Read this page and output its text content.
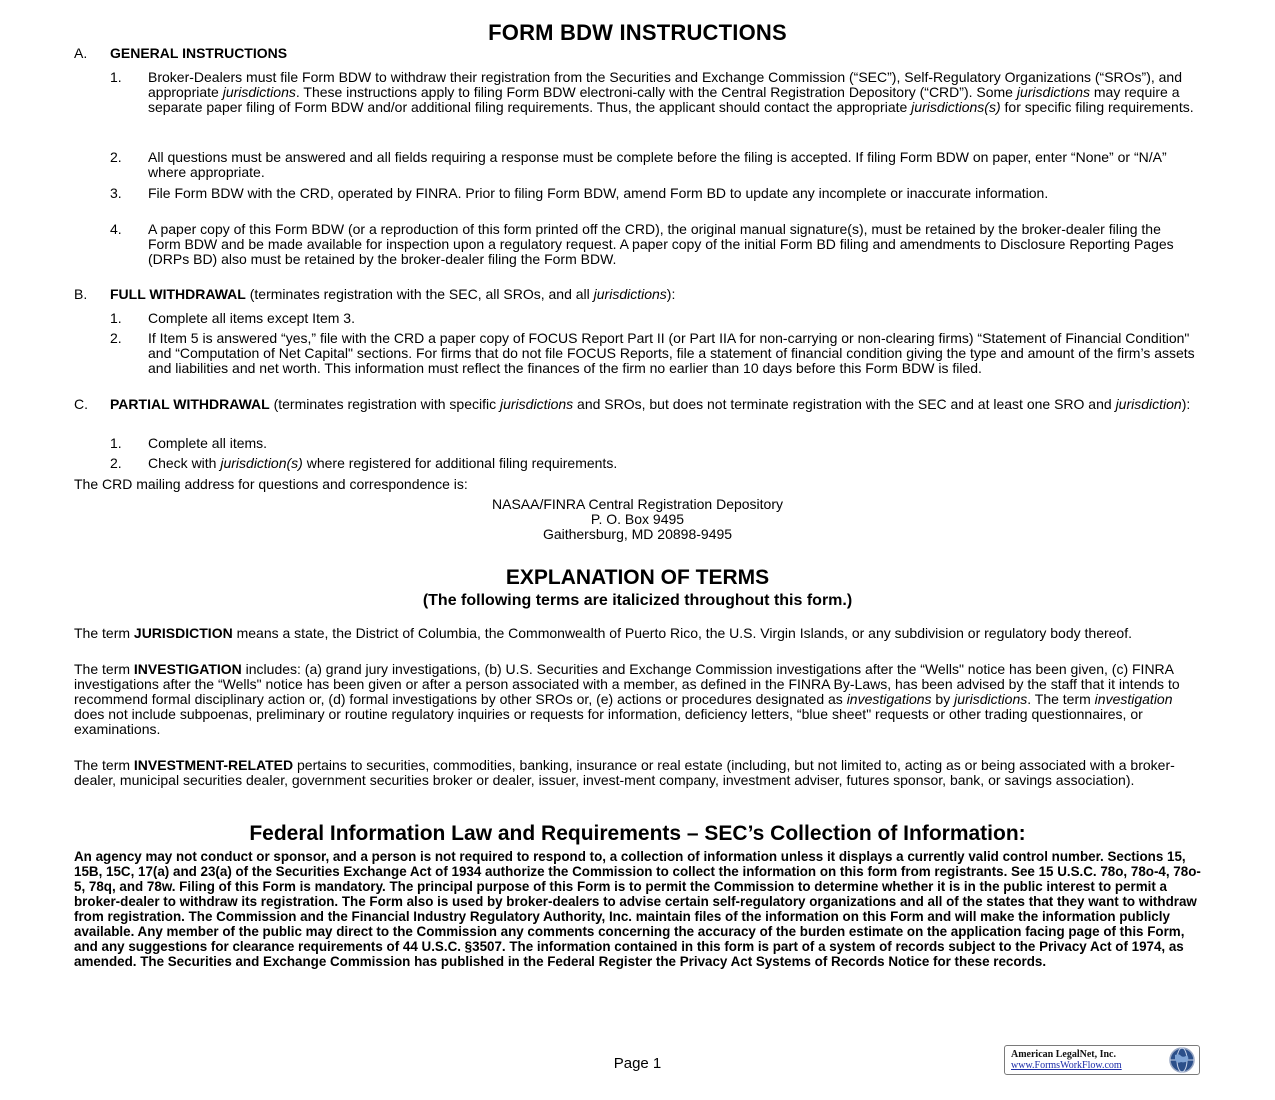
FORM BDW INSTRUCTIONS
A. GENERAL INSTRUCTIONS
1. Broker-Dealers must file Form BDW to withdraw their registration from the Securities and Exchange Commission (“SEC”), Self-Regulatory Organizations (“SROs”), and appropriate jurisdictions. These instructions apply to filing Form BDW electroni-cally with the Central Registration Depository (“CRD”). Some jurisdictions may require a separate paper filing of Form BDW and/or additional filing requirements. Thus, the applicant should contact the appropriate jurisdictions(s) for specific filing requirements.
2. All questions must be answered and all fields requiring a response must be complete before the filing is accepted. If filing Form BDW on paper, enter “None” or “N/A” where appropriate.
3. File Form BDW with the CRD, operated by FINRA. Prior to filing Form BDW, amend Form BD to update any incomplete or inaccurate information.
4. A paper copy of this Form BDW (or a reproduction of this form printed off the CRD), the original manual signature(s), must be retained by the broker-dealer filing the Form BDW and be made available for inspection upon a regulatory request. A paper copy of the initial Form BD filing and amendments to Disclosure Reporting Pages (DRPs BD) also must be retained by the broker-dealer filing the Form BDW.
B. FULL WITHDRAWAL (terminates registration with the SEC, all SROs, and all jurisdictions):
1. Complete all items except Item 3.
2. If Item 5 is answered “yes,” file with the CRD a paper copy of FOCUS Report Part II (or Part IIA for non-carrying or non-clearing firms) “Statement of Financial Condition" and “Computation of Net Capital" sections. For firms that do not file FOCUS Reports, file a statement of financial condition giving the type and amount of the firm’s assets and liabilities and net worth. This information must reflect the finances of the firm no earlier than 10 days before this Form BDW is filed.
C. PARTIAL WITHDRAWAL (terminates registration with specific jurisdictions and SROs, but does not terminate registration with the SEC and at least one SRO and jurisdiction):
1. Complete all items.
2. Check with jurisdiction(s) where registered for additional filing requirements.
The CRD mailing address for questions and correspondence is:
NASAA/FINRA Central Registration Depository
P. O. Box 9495
Gaithersburg, MD 20898-9495
EXPLANATION OF TERMS
(The following terms are italicized throughout this form.)
The term JURISDICTION means a state, the District of Columbia, the Commonwealth of Puerto Rico, the U.S. Virgin Islands, or any subdivision or regulatory body thereof.
The term INVESTIGATION includes: (a) grand jury investigations, (b) U.S. Securities and Exchange Commission investigations after the “Wells" notice has been given, (c) FINRA investigations after the “Wells" notice has been given or after a person associated with a member, as defined in the FINRA By-Laws, has been advised by the staff that it intends to recommend formal disciplinary action or, (d) formal investigations by other SROs or, (e) actions or procedures designated as investigations by jurisdictions. The term investigation does not include subpoenas, preliminary or routine regulatory inquiries or requests for information, deficiency letters, “blue sheet" requests or other trading questionnaires, or examinations.
The term INVESTMENT-RELATED pertains to securities, commodities, banking, insurance or real estate (including, but not limited to, acting as or being associated with a broker-dealer, municipal securities dealer, government securities broker or dealer, issuer, invest-ment company, investment adviser, futures sponsor, bank, or savings association).
Federal Information Law and Requirements – SEC’s Collection of Information:
An agency may not conduct or sponsor, and a person is not required to respond to, a collection of information unless it displays a currently valid control number. Sections 15, 15B, 15C, 17(a) and 23(a) of the Securities Exchange Act of 1934 authorize the Commission to collect the information on this form from registrants. See 15 U.S.C. 78o, 78o-4, 78o-5, 78q, and 78w. Filing of this Form is mandatory. The principal purpose of this Form is to permit the Commission to determine whether it is in the public interest to permit a broker-dealer to withdraw its registration. The Form also is used by broker-dealers to advise certain self-regulatory organizations and all of the states that they want to withdraw from registration. The Commission and the Financial Industry Regulatory Authority, Inc. maintain files of the information on this Form and will make the information publicly available. Any member of the public may direct to the Commission any comments concerning the accuracy of the burden estimate on the application facing page of this Form, and any suggestions for clearance requirements of 44 U.S.C. §3507. The information contained in this form is part of a system of records subject to the Privacy Act of 1974, as amended. The Securities and Exchange Commission has published in the Federal Register the Privacy Act Systems of Records Notice for these records.
Page 1
American LegalNet, Inc.
www.FormsWorkFlow.com
